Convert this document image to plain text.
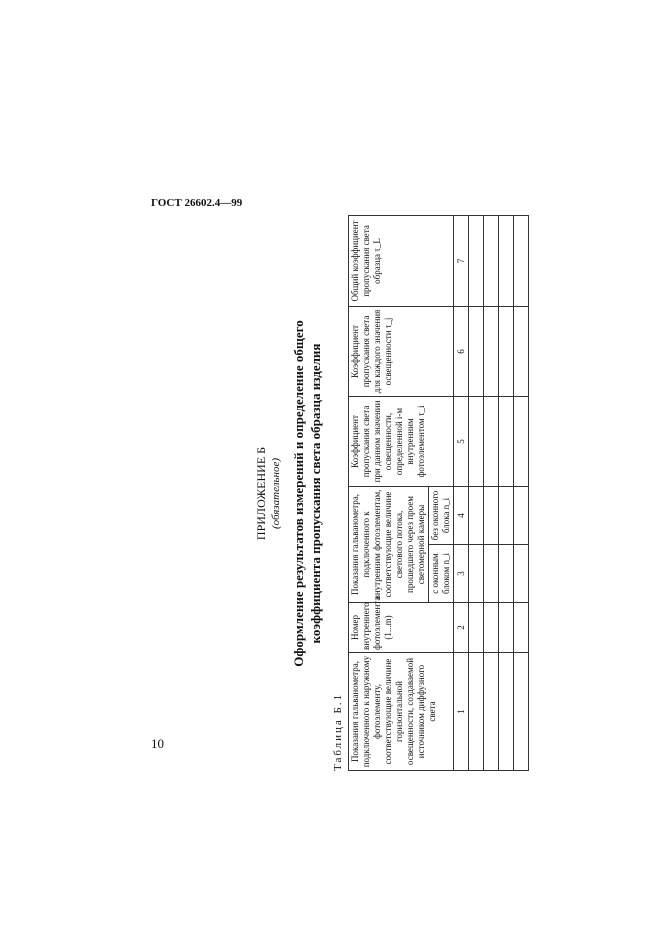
10
ГОСТ 26602.4—99
ПРИЛОЖЕНИЕ Б (обязательное) Оформление результатов измерений и определение общего коэффициента пропускания света образца изделия
Таблица Б.1 Показания гальванометра, подключенного к наружному фотоэлементу, соответствующие величине горизонтальной освещенности, создаваемой источником диффузного света	Номер внутреннего фотоэлемента (1...m)	Показания гальванометра, подключенного к внутренним фотоэлементам, соответствующие величине светового потока, прошедшего через проем светомерной камеры		Коэффициент пропускания света при данном значении освещенности, определенной i-м внутренним фотоэлементом τ_i	Коэффициент пропускания света для каждого значения освещенности τ_j	Общий коэффициент пропускания света образца τ_L
		с оконным блоком n_i	без оконного блока n_i			
1	2	3	4	5	6	7
